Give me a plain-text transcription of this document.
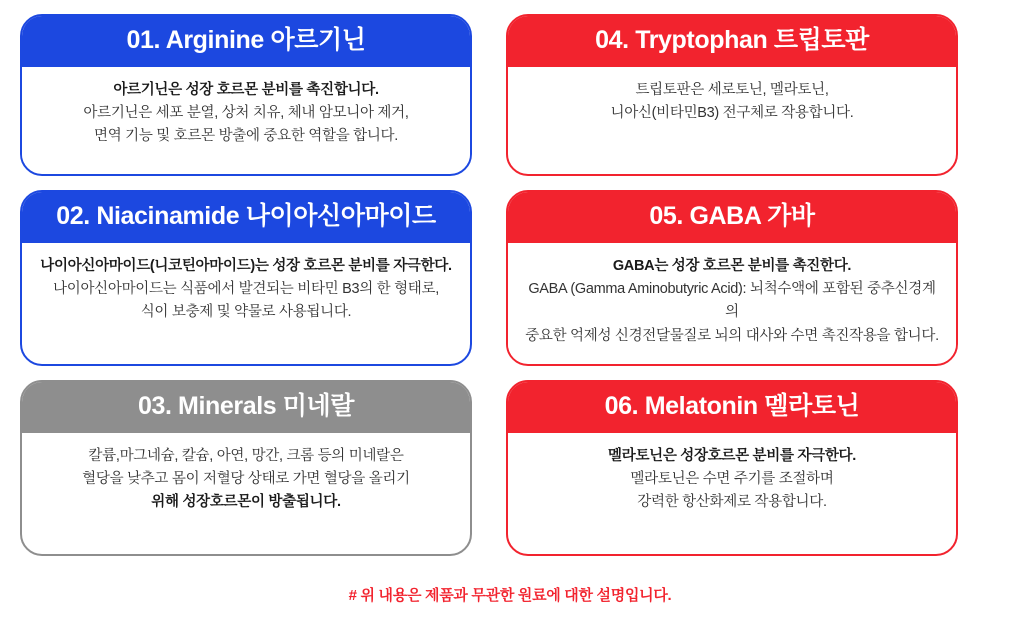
01. Arginine 아르기닌
아르기닌은 성장 호르몬 분비를 촉진합니다.
아르기닌은 세포 분열, 상처 치유, 체내 암모니아 제거,
면역 기능 및 호르몬 방출에 중요한 역할을 합니다.
04. Tryptophan 트립토판
트립토판은 세로토닌, 멜라토닌,
니아신(비타민B3) 전구체로 작용합니다.
02. Niacinamide 나이아신아마이드
나이아신아마이드(니코틴아마이드)는 성장 호르몬 분비를 자극한다.
나이아신아마이드는 식품에서 발견되는 비타민 B3의 한 형태로,
식이 보충제 및 약물로 사용됩니다.
05. GABA 가바
GABA는 성장 호르몬 분비를 촉진한다.
GABA (Gamma Aminobutyric Acid): 뇌척수액에 포함된 중추신경계의
중요한 억제성 신경전달물질로 뇌의 대사와 수면 촉진작용을 합니다.
03. Minerals 미네랄
칼륨,마그네슘, 칼슘, 아연, 망간, 크롬 등의 미네랄은
혈당을 낮추고 몸이 저혈당 상태로 가면 혈당을 올리기
위해 성장호르몬이 방출됩니다.
06. Melatonin 멜라토닌
멜라토닌은 성장호르몬 분비를 자극한다.
멜라토닌은 수면 주기를 조절하며
강력한 항산화제로 작용합니다.
# 위 내용은 제품과 무관한 원료에 대한 설명입니다.
